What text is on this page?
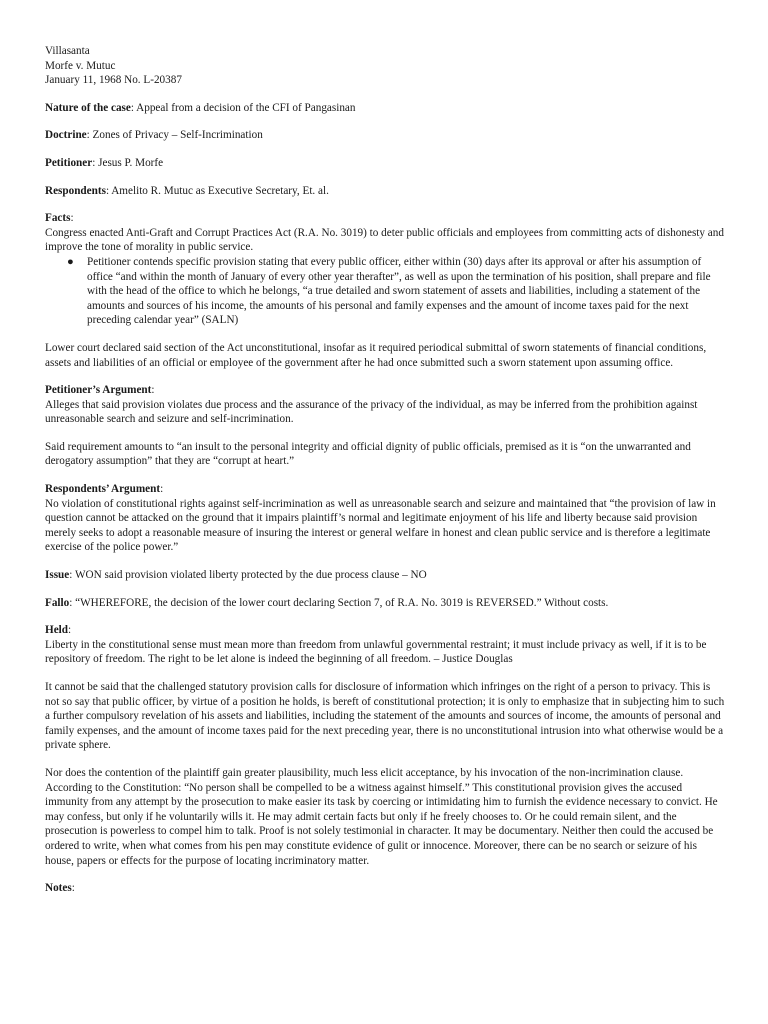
Villasanta

Morfe v. Mutuc

January 11, 1968 No. L-20387

Nature of the case: Appeal from a decision of the CFI of Pangasinan

Doctrine: Zones of Privacy – Self-Incrimination

Petitioner: Jesus P. Morfe

Respondents: Amelito R. Mutuc as Executive Secretary, Et. al.

Facts:

Congress enacted Anti-Graft and Corrupt Practices Act (R.A. No. 3019) to deter public officials and employees from committing acts of dishonesty and improve the tone of morality in public service.

● Petitioner contends specific provision stating that every public officer, either within (30) days after its approval or after his assumption of office “and within the month of January of every other year therafter”, as well as upon the termination of his position, shall prepare and file with the head of the office to which he belongs, “a true detailed and sworn statement of assets and liabilities, including a statement of the amounts and sources of his income, the amounts of his personal and family expenses and the amount of income taxes paid for the next preceding calendar year” (SALN)

Lower court declared said section of the Act unconstitutional, insofar as it required periodical submittal of sworn statements of financial conditions, assets and liabilities of an official or employee of the government after he had once submitted such a sworn statement upon assuming office.

Petitioner’s Argument:

Alleges that said provision violates due process and the assurance of the privacy of the individual, as may be inferred from the prohibition against unreasonable search and seizure and self-incrimination.

Said requirement amounts to “an insult to the personal integrity and official dignity of public officials, premised as it is “on the unwarranted and derogatory assumption” that they are “corrupt at heart.”

Respondents’ Argument:

No violation of constitutional rights against self-incrimination as well as unreasonable search and seizure and maintained that “the provision of law in question cannot be attacked on the ground that it impairs plaintiff’s normal and legitimate enjoyment of his life and liberty because said provision merely seeks to adopt a reasonable measure of insuring the interest or general welfare in honest and clean public service and is therefore a legitimate exercise of the police power.”

Issue: WON said provision violated liberty protected by the due process clause – NO

Fallo: “WHEREFORE, the decision of the lower court declaring Section 7, of R.A. No. 3019 is REVERSED.” Without costs.

Held:

Liberty in the constitutional sense must mean more than freedom from unlawful governmental restraint; it must include privacy as well, if it is to be repository of freedom. The right to be let alone is indeed the beginning of all freedom. – Justice Douglas

It cannot be said that the challenged statutory provision calls for disclosure of information which infringes on the right of a person to privacy. This is not so say that public officer, by virtue of a position he holds, is bereft of constitutional protection; it is only to emphasize that in subjecting him to such a further compulsory revelation of his assets and liabilities, including the statement of the amounts and sources of income, the amounts of personal and family expenses, and the amount of income taxes paid for the next preceding year, there is no unconstitutional intrusion into what otherwise would be a private sphere.

Nor does the contention of the plaintiff gain greater plausibility, much less elicit acceptance, by his invocation of the non-incrimination clause. According to the Constitution: “No person shall be compelled to be a witness against himself.” This constitutional provision gives the accused immunity from any attempt by the prosecution to make easier its task by coercing or intimidating him to furnish the evidence necessary to convict. He may confess, but only if he voluntarily wills it. He may admit certain facts but only if he freely chooses to. Or he could remain silent, and the prosecution is powerless to compel him to talk. Proof is not solely testimonial in character. It may be documentary. Neither then could the accused be ordered to write, when what comes from his pen may constitute evidence of gulit or innocence. Moreover, there can be no search or seizure of his house, papers or effects for the purpose of locating incriminatory matter.

Notes:
